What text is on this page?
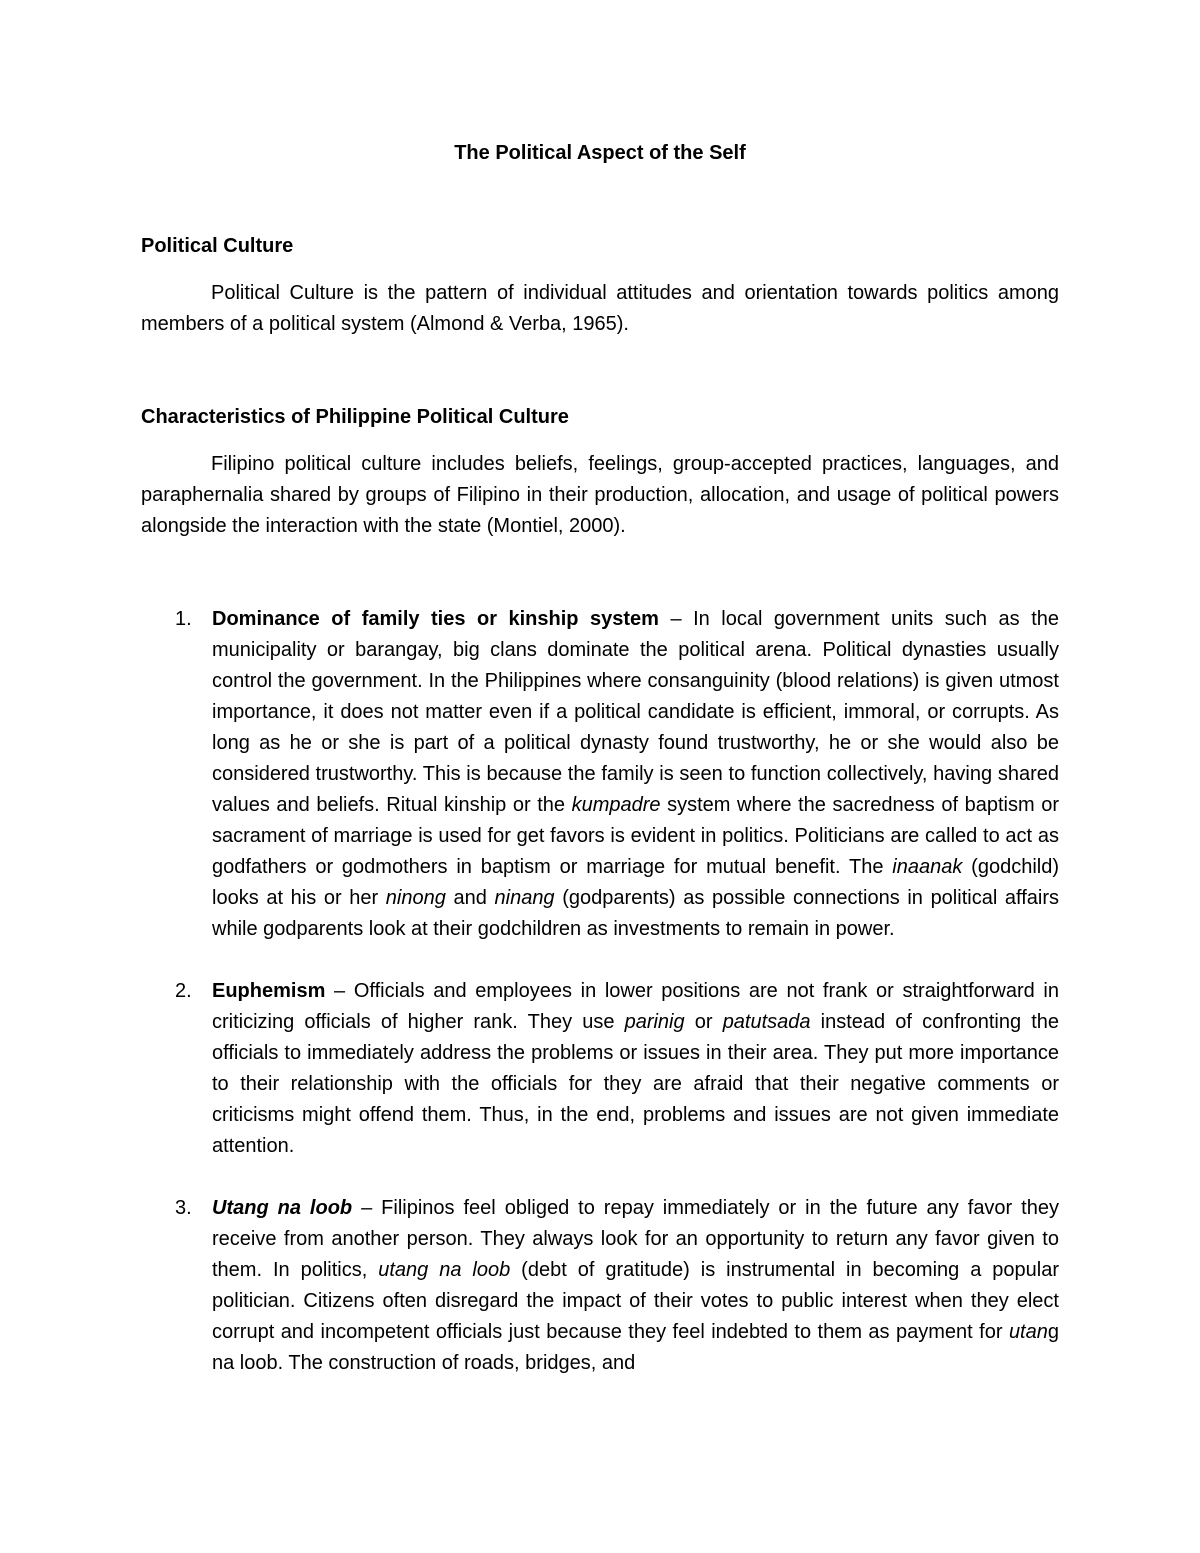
The Political Aspect of the Self

Political Culture

Political Culture is the pattern of individual attitudes and orientation towards politics among members of a political system (Almond & Verba, 1965).

Characteristics of Philippine Political Culture

Filipino political culture includes beliefs, feelings, group-accepted practices, languages, and paraphernalia shared by groups of Filipino in their production, allocation, and usage of political powers alongside the interaction with the state (Montiel, 2000).

1. Dominance of family ties or kinship system – In local government units such as the municipality or barangay, big clans dominate the political arena. Political dynasties usually control the government. In the Philippines where consanguinity (blood relations) is given utmost importance, it does not matter even if a political candidate is efficient, immoral, or corrupts. As long as he or she is part of a political dynasty found trustworthy, he or she would also be considered trustworthy. This is because the family is seen to function collectively, having shared values and beliefs. Ritual kinship or the kumpadre system where the sacredness of baptism or sacrament of marriage is used for get favors is evident in politics. Politicians are called to act as godfathers or godmothers in baptism or marriage for mutual benefit. The inaanak (godchild) looks at his or her ninong and ninang (godparents) as possible connections in political affairs while godparents look at their godchildren as investments to remain in power.
2. Euphemism – Officials and employees in lower positions are not frank or straightforward in criticizing officials of higher rank. They use parinig or patutsada instead of confronting the officials to immediately address the problems or issues in their area. They put more importance to their relationship with the officials for they are afraid that their negative comments or criticisms might offend them. Thus, in the end, problems and issues are not given immediate attention.
3. Utang na loob – Filipinos feel obliged to repay immediately or in the future any favor they receive from another person. They always look for an opportunity to return any favor given to them. In politics, utang na loob (debt of gratitude) is instrumental in becoming a popular politician. Citizens often disregard the impact of their votes to public interest when they elect corrupt and incompetent officials just because they feel indebted to them as payment for utang na loob. The construction of roads, bridges, and
